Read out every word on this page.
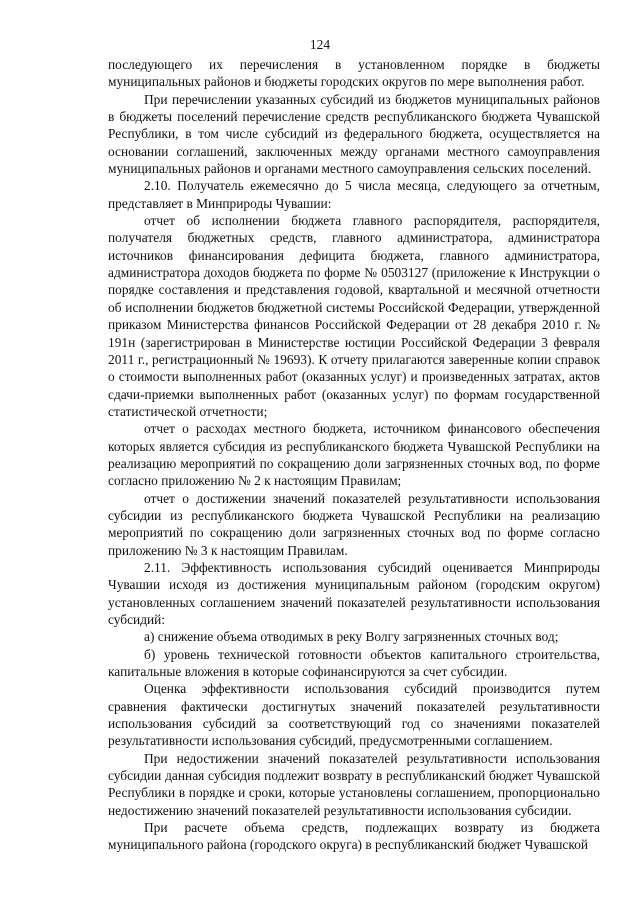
124

последующего их перечисления в установленном порядке в бюджеты муниципальных районов и бюджеты городских округов по мере выполнения работ.

При перечислении указанных субсидий из бюджетов муниципальных районов в бюджеты поселений перечисление средств республиканского бюджета Чувашской Республики, в том числе субсидий из федерального бюджета, осуществляется на основании соглашений, заключенных между органами местного самоуправления муниципальных районов и органами местного самоуправления сельских поселений.

2.10. Получатель ежемесячно до 5 числа месяца, следующего за отчетным, представляет в Минприроды Чувашии:

отчет об исполнении бюджета главного распорядителя, распорядителя, получателя бюджетных средств, главного администратора, администратора источников финансирования дефицита бюджета, главного администратора, администратора доходов бюджета по форме № 0503127 (приложение к Инструкции о порядке составления и представления годовой, квартальной и месячной отчетности об исполнении бюджетов бюджетной системы Российской Федерации, утвержденной приказом Министерства финансов Российской Федерации от 28 декабря 2010 г. № 191н (зарегистрирован в Министерстве юстиции Российской Федерации 3 февраля 2011 г., регистрационный № 19693). К отчету прилагаются заверенные копии справок о стоимости выполненных работ (оказанных услуг) и произведенных затратах, актов сдачи-приемки выполненных работ (оказанных услуг) по формам государственной статистической отчетности;

отчет о расходах местного бюджета, источником финансового обеспечения которых является субсидия из республиканского бюджета Чувашской Республики на реализацию мероприятий по сокращению доли загрязненных сточных вод, по форме согласно приложению № 2 к настоящим Правилам;

отчет о достижении значений показателей результативности использования субсидии из республиканского бюджета Чувашской Республики на реализацию мероприятий по сокращению доли загрязненных сточных вод по форме согласно приложению № 3 к настоящим Правилам.

2.11. Эффективность использования субсидий оценивается Минприроды Чувашии исходя из достижения муниципальным районом (городским округом) установленных соглашением значений показателей результативности использования субсидий:

а) снижение объема отводимых в реку Волгу загрязненных сточных вод;

б) уровень технической готовности объектов капитального строительства, капитальные вложения в которые софинансируются за счет субсидии.

Оценка эффективности использования субсидий производится путем сравнения фактически достигнутых значений показателей результативности использования субсидий за соответствующий год со значениями показателей результативности использования субсидий, предусмотренными соглашением.

При недостижении значений показателей результативности использования субсидии данная субсидия подлежит возврату в республиканский бюджет Чувашской Республики в порядке и сроки, которые установлены соглашением, пропорционально недостижению значений показателей результативности использования субсидии.

При расчете объема средств, подлежащих возврату из бюджета муниципального района (городского округа) в республиканский бюджет Чувашской
